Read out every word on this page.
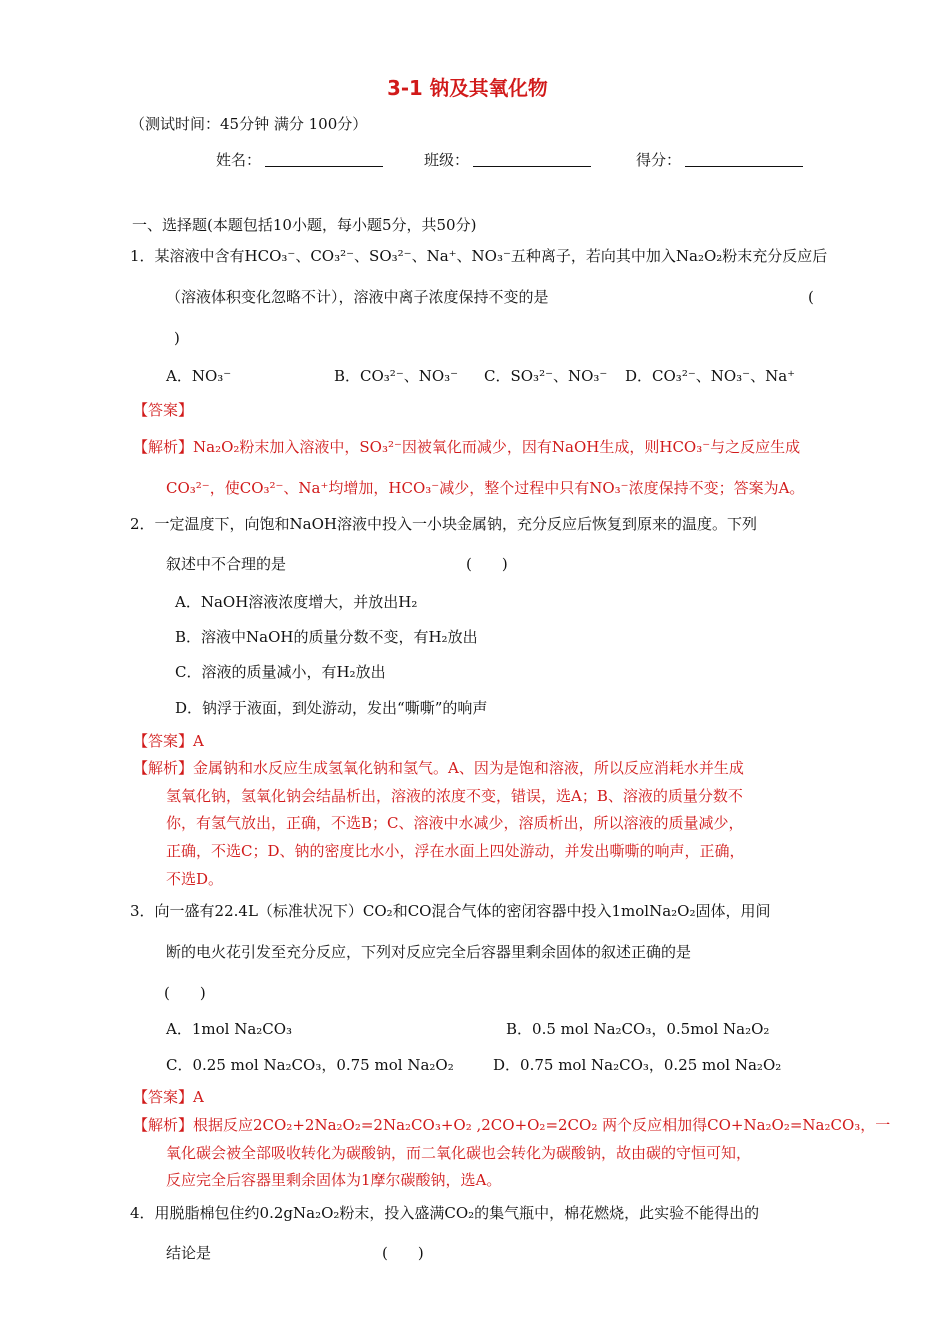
3-1 钠及其氧化物
（测试时间：45分钟 满分 100分）
姓名：	班级：	得分：
一、选择题(本题包括10小题，每小题5分，共50分)
1．某溶液中含有HCO₃⁻、CO₃²⁻、SO₃²⁻、Na⁺、NO₃⁻五种离子，若向其中加入Na₂O₂粉末充分反应后
（溶液体积变化忽略不计），溶液中离子浓度保持不变的是	(
)
A．NO₃⁻	B．CO₃²⁻、NO₃⁻ C．SO₃²⁻、NO₃⁻ D．CO₃²⁻、NO₃⁻、Na⁺
【答案】
【解析】Na₂O₂粉末加入溶液中，SO₃²⁻因被氧化而减少，因有NaOH生成，则HCO₃⁻与之反应生成
CO₃²⁻，使CO₃²⁻、Na⁺均增加，HCO₃⁻减少，整个过程中只有NO₃⁻浓度保持不变；答案为A。
2．一定温度下，向饱和NaOH溶液中投入一小块金属钠，充分反应后恢复到原来的温度。下列
叙述中不合理的是	(　　)
A．NaOH溶液浓度增大，并放出H₂
B．溶液中NaOH的质量分数不变，有H₂放出
C．溶液的质量减小，有H₂放出
D．钠浮于液面，到处游动，发出“嘶嘶”的响声
【答案】A
【解析】金属钠和水反应生成氢氧化钠和氢气。A、因为是饱和溶液，所以反应消耗水并生成
氢氧化钠，氢氧化钠会结晶析出，溶液的浓度不变，错误，选A；B、溶液的质量分数不
你，有氢气放出，正确，不选B；C、溶液中水减少，溶质析出，所以溶液的质量减少，
正确，不选C；D、钠的密度比水小，浮在水面上四处游动，并发出嘶嘶的响声，正确，
不选D。
3．向一盛有22.4L（标准状况下）CO₂和CO混合气体的密闭容器中投入1molNa₂O₂固体，用间
断的电火花引发至充分反应，下列对反应完全后容器里剩余固体的叙述正确的是
(　　)
A．1mol Na₂CO₃	B．0.5 mol Na₂CO₃，0.5mol Na₂O₂
C．0.25 mol Na₂CO₃，0.75 mol Na₂O₂	D．0.75 mol Na₂CO₃，0.25 mol Na₂O₂
【答案】A
【解析】根据反应2CO₂+2Na₂O₂=2Na₂CO₃+O₂ ,2CO+O₂=2CO₂ 两个反应相加得CO+Na₂O₂=Na₂CO₃，一
氧化碳会被全部吸收转化为碳酸钠，而二氧化碳也会转化为碳酸钠，故由碳的守恒可知，
反应完全后容器里剩余固体为1摩尔碳酸钠，选A。
4．用脱脂棉包住约0.2gNa₂O₂粉末，投入盛满CO₂的集气瓶中，棉花燃烧，此实验不能得出的
结论是	(　　)
